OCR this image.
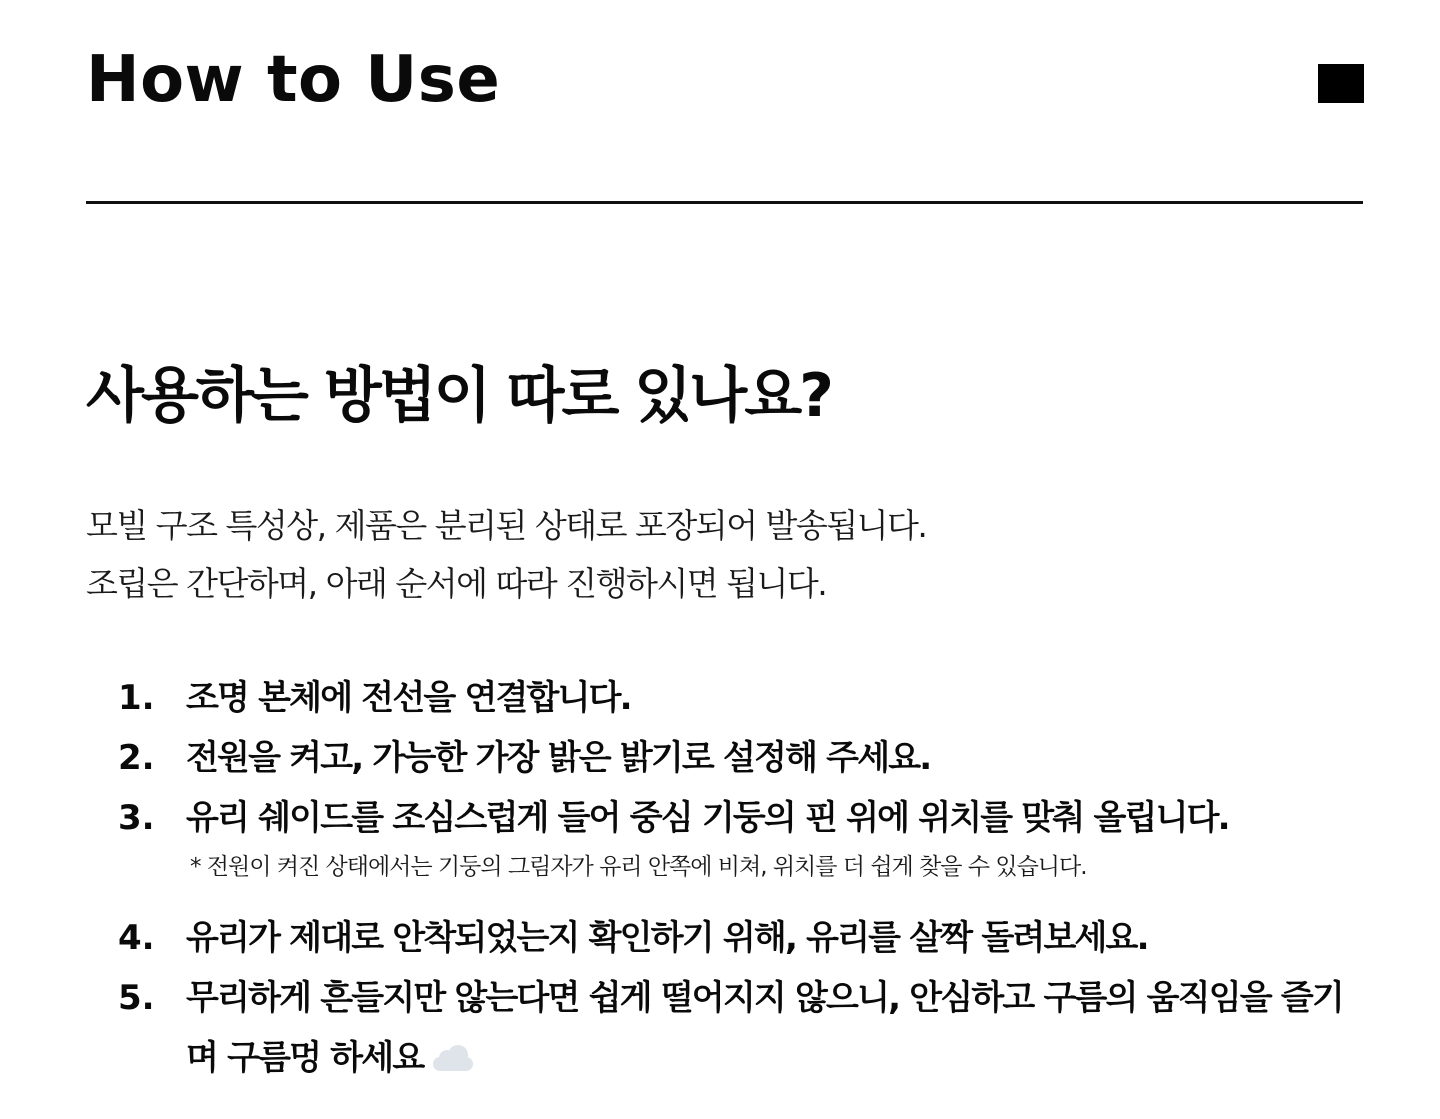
How to Use
사용하는 방법이 따로 있나요?

모빌 구조 특성상, 제품은 분리된 상태로 포장되어 발송됩니다.

조립은 간단하며, 아래 순서에 따라 진행하시면 됩니다.

1. 조명 본체에 전선을 연결합니다.
2. 전원을 켜고, 가능한 가장 밝은 밝기로 설정해 주세요.
3. 유리 쉐이드를 조심스럽게 들어 중심 기둥의 핀 위에 위치를 맞춰 올립니다.
* 전원이 켜진 상태에서는 기둥의 그림자가 유리 안쪽에 비쳐, 위치를 더 쉽게 찾을 수 있습니다.
4. 유리가 제대로 안착되었는지 확인하기 위해, 유리를 살짝 돌려보세요.
5. 무리하게 흔들지만 않는다면 쉽게 떨어지지 않으니, 안심하고 구름의 움직임을 즐기며 구름멍 하세요
